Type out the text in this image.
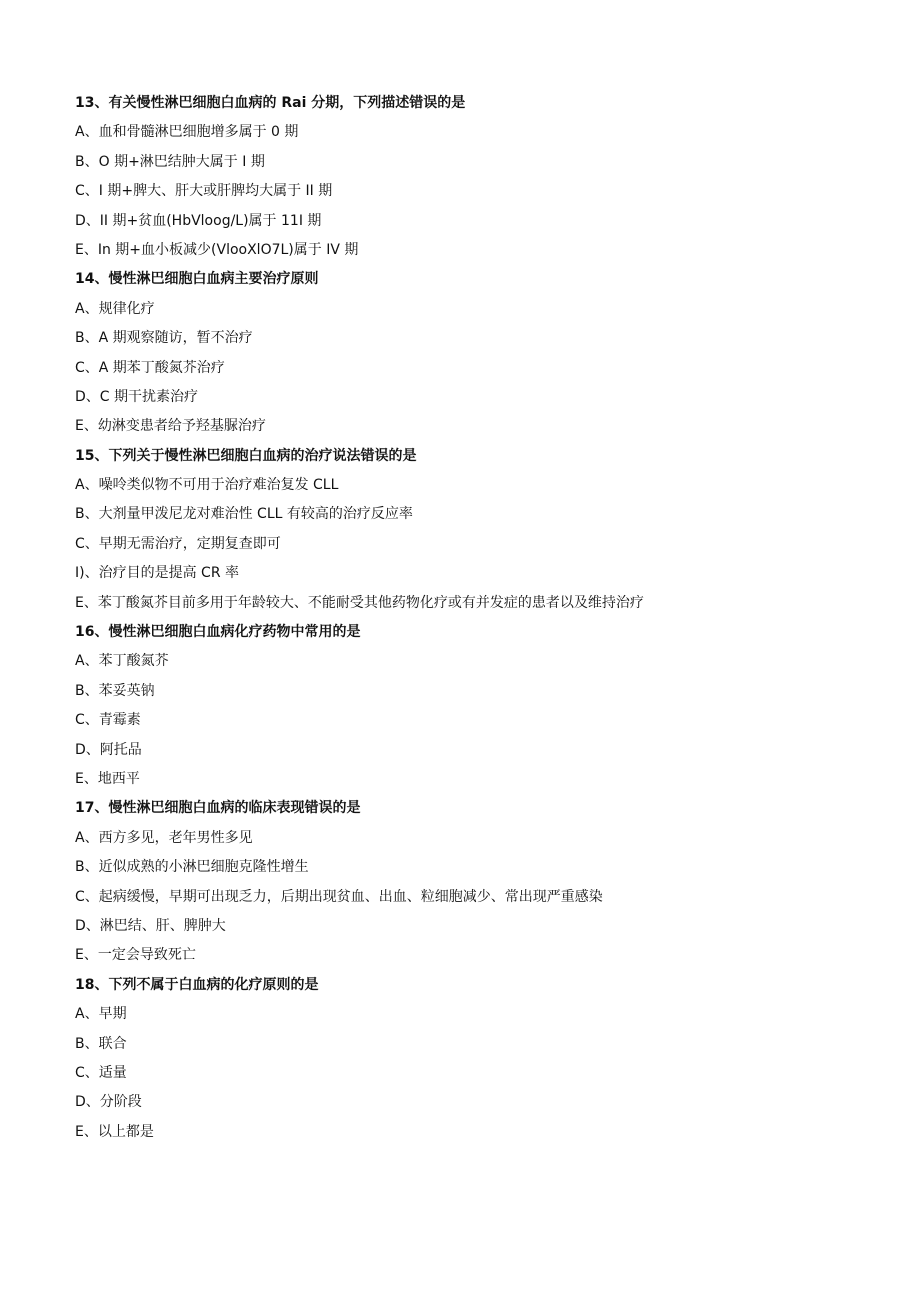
13、有关慢性淋巴细胞白血病的 Rai 分期，下列描述错误的是
A、血和骨髓淋巴细胞增多属于 0 期
B、O 期+淋巴结肿大属于 I 期
C、I 期+脾大、肝大或肝脾均大属于 II 期
D、II 期+贫血(HbVloog/L)属于 11I 期
E、In 期+血小板减少(VlooXlO7L)属于 IV 期
14、慢性淋巴细胞白血病主要治疗原则
A、规律化疗
B、A 期观察随访，暂不治疗
C、A 期苯丁酸氮芥治疗
D、C 期干扰素治疗
E、幼淋变患者给予羟基脲治疗
15、下列关于慢性淋巴细胞白血病的治疗说法错误的是
A、噪呤类似物不可用于治疗难治复发 CLL
B、大剂量甲泼尼龙对难治性 CLL 有较高的治疗反应率
C、早期无需治疗，定期复查即可
I)、治疗目的是提高 CR 率
E、苯丁酸氮芥目前多用于年龄较大、不能耐受其他药物化疗或有并发症的患者以及维持治疗
16、慢性淋巴细胞白血病化疗药物中常用的是
A、苯丁酸氮芥
B、苯妥英钠
C、青霉素
D、阿托品
E、地西平
17、慢性淋巴细胞白血病的临床表现错误的是
A、西方多见，老年男性多见
B、近似成熟的小淋巴细胞克隆性增生
C、起病缓慢，早期可出现乏力，后期出现贫血、出血、粒细胞减少、常出现严重感染
D、淋巴结、肝、脾肿大
E、一定会导致死亡
18、下列不属于白血病的化疗原则的是
A、早期
B、联合
C、适量
D、分阶段
E、以上都是
